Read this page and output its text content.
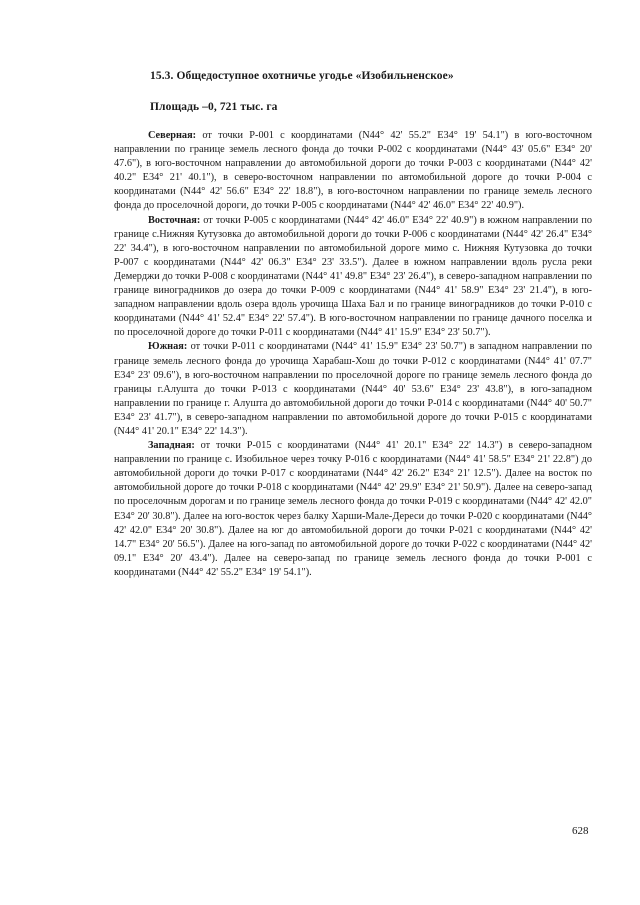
15.3. Общедоступное охотничье угодье «Изобильненское»
Площадь –0, 721 тыс. га

Северная: от точки Р-001 с координатами (N44° 42' 55.2" E34° 19' 54.1") в юго-восточном направлении по границе земель лесного фонда до точки Р-002 с координатами (N44° 43' 05.6" E34° 20' 47.6"), в юго-восточном направлении до автомобильной дороги до точки Р-003 с координатами (N44° 42' 40.2" E34° 21' 40.1"), в северо-восточном направлении по автомобильной дороге до точки Р-004 с координатами (N44° 42' 56.6" E34° 22' 18.8"), в юго-восточном направлении по границе земель лесного фонда до проселочной дороги, до точки Р-005 с координатами (N44° 42' 46.0" E34° 22' 40.9").

Восточная: от точки Р-005 с координатами (N44° 42' 46.0" E34° 22' 40.9") в южном направлении по границе с.Нижняя Кутузовка до автомобильной дороги до точки Р-006 с координатами (N44° 42' 26.4" E34° 22' 34.4"), в юго-восточном направлении по автомобильной дороге мимо с. Нижняя Кутузовка до точки Р-007 с координатами (N44° 42' 06.3" E34° 23' 33.5"). Далее в южном направлении вдоль русла реки Демерджи до точки Р-008 с координатами (N44° 41' 49.8" E34° 23' 26.4"), в северо-западном направлении по границе виноградников до озера до точки Р-009 с координатами (N44° 41' 58.9" E34° 23' 21.4"), в юго-западном направлении вдоль озера вдоль урочища Шаха Бал и по границе виноградников до точки Р-010 с координатами (N44° 41' 52.4" E34° 22' 57.4"). В юго-восточном направлении по границе дачного поселка и по проселочной дороге до точки Р-011 с координатами (N44° 41' 15.9" E34° 23' 50.7").

Южная: от точки Р-011 с координатами (N44° 41' 15.9" E34° 23' 50.7") в западном направлении по границе земель лесного фонда до урочища Харабаш-Хош до точки Р-012 с координатами (N44° 41' 07.7" E34° 23' 09.6"), в юго-восточном направлении по проселочной дороге по границе земель лесного фонда до границы г.Алушта до точки Р-013 с координатами (N44° 40' 53.6" E34° 23' 43.8"), в юго-западном направлении по границе г. Алушта до автомобильной дороги до точки Р-014 с координатами (N44° 40' 50.7" E34° 23' 41.7"), в северо-западном направлении по автомобильной дороге до точки Р-015 с координатами (N44° 41' 20.1" E34° 22' 14.3").

Западная: от точки Р-015 с координатами (N44° 41' 20.1" E34° 22' 14.3") в северо-западном направлении по границе с. Изобильное через точку Р-016 с координатами (N44° 41' 58.5" E34° 21' 22.8") до автомобильной дороги до точки Р-017 с координатами (N44° 42' 26.2" E34° 21' 12.5"). Далее на восток по автомобильной дороге до точки Р-018 с координатами (N44° 42' 29.9" E34° 21' 50.9"). Далее на северо-запад по проселочным дорогам и по границе земель лесного фонда до точки Р-019 с координатами (N44° 42' 42.0" E34° 20' 30.8"). Далее на юго-восток через балку Харши-Мале-Дереси до точки Р-020 с координатами (N44° 42' 42.0" E34° 20' 30.8"). Далее на юг до автомобильной дороги до точки Р-021 с координатами (N44° 42' 14.7" E34° 20' 56.5"). Далее на юго-запад по автомобильной дороге до точки Р-022 с координатами (N44° 42' 09.1" E34° 20' 43.4"). Далее на северо-запад по границе земель лесного фонда до точки Р-001 с координатами (N44° 42' 55.2" E34° 19' 54.1").

628
